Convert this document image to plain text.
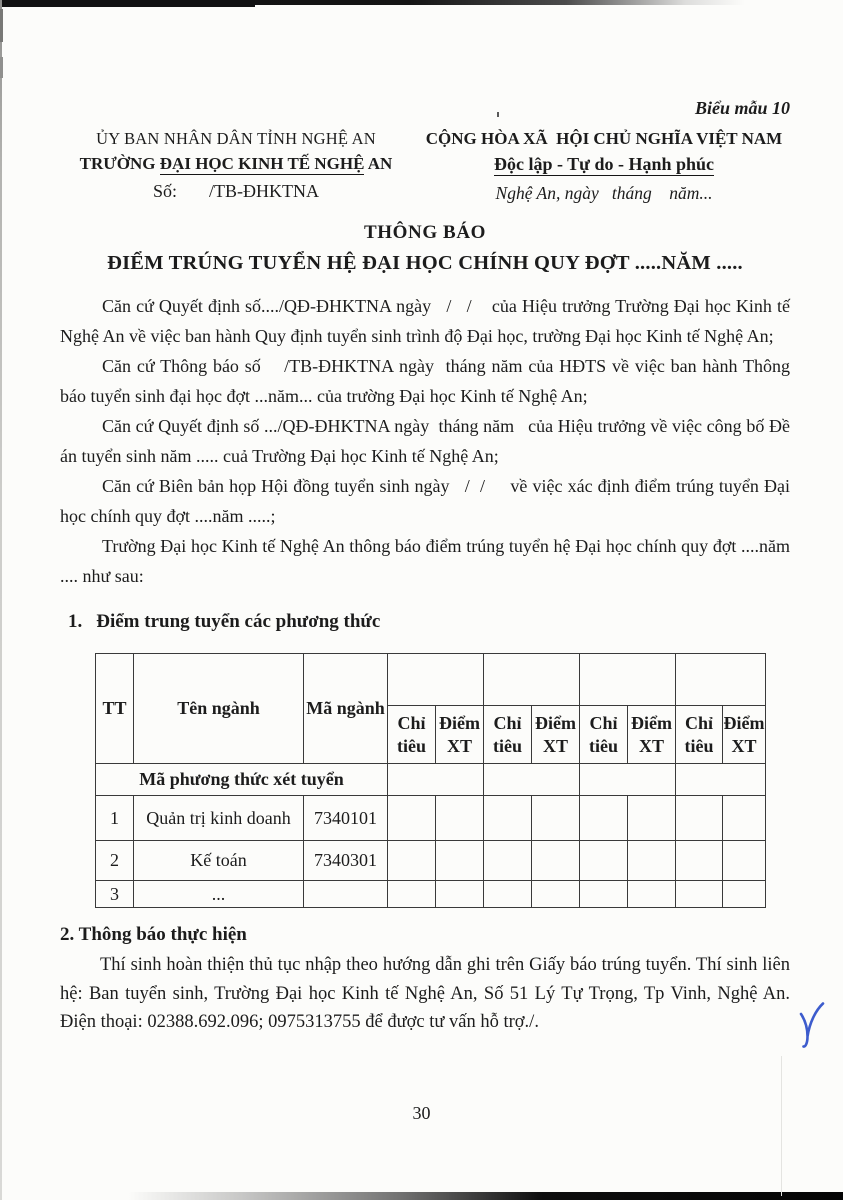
Biểu mẫu 10
ỦY BAN NHÂN DÂN TỈNH NGHỆ AN
TRƯỜNG ĐẠI HỌC KINH TẾ NGHỆ AN
Số: /TB-ĐHKTNA
CỘNG HÒA XÃ  HỘI CHỦ NGHĨA VIỆT NAM
Độc lập - Tự do - Hạnh phúc
Nghệ An, ngày   tháng    năm...
THÔNG BÁO
ĐIỂM TRÚNG TUYỂN HỆ ĐẠI HỌC CHÍNH QUY ĐỢT .....NĂM .....

Căn cứ Quyết định số..../QĐ-ĐHKTNA ngày   /   /    của Hiệu trưởng Trường Đại học Kinh tế Nghệ An về việc ban hành Quy định tuyển sinh trình độ Đại học, trường Đại học Kinh tế Nghệ An;

Căn cứ Thông báo số    /TB-ĐHKTNA ngày  tháng năm của HĐTS về việc ban hành Thông báo tuyển sinh đại học đợt ...năm... của trường Đại học Kinh tế Nghệ An;

Căn cứ Quyết định số .../QĐ-ĐHKTNA ngày  tháng năm   của Hiệu trưởng về việc công bố Đề án tuyển sinh năm ..... cuả Trường Đại học Kinh tế Nghệ An;

Căn cứ Biên bản họp Hội đồng tuyển sinh ngày   /  /     về việc xác định điểm trúng tuyển Đại học chính quy đợt ....năm .....;

Trường Đại học Kinh tế Nghệ An thông báo điểm trúng tuyển hệ Đại học chính quy đợt ....năm .... như sau:

1. Điểm trung tuyển các phương thức
TT	Tên ngành	Mã ngành								
			Chỉ tiêu	Điểm XT	Chỉ tiêu	Điểm XT	Chỉ tiêu	Điểm XT	Chỉ tiêu	Điểm XT
Mã phương thức xét tuyển										
1	Quản trị kinh doanh	7340101								
2	Kế toán	7340301								
3	...									
2. Thông báo thực hiện

Thí sinh hoàn thiện thủ tục nhập theo hướng dẫn ghi trên Giấy báo trúng tuyển. Thí sinh liên hệ: Ban tuyển sinh, Trường Đại học Kinh tế Nghệ An, Số 51 Lý Tự Trọng, Tp Vinh, Nghệ An. Điện thoại: 02388.692.096; 0975313755 để được tư vấn hỗ trợ./.

30
